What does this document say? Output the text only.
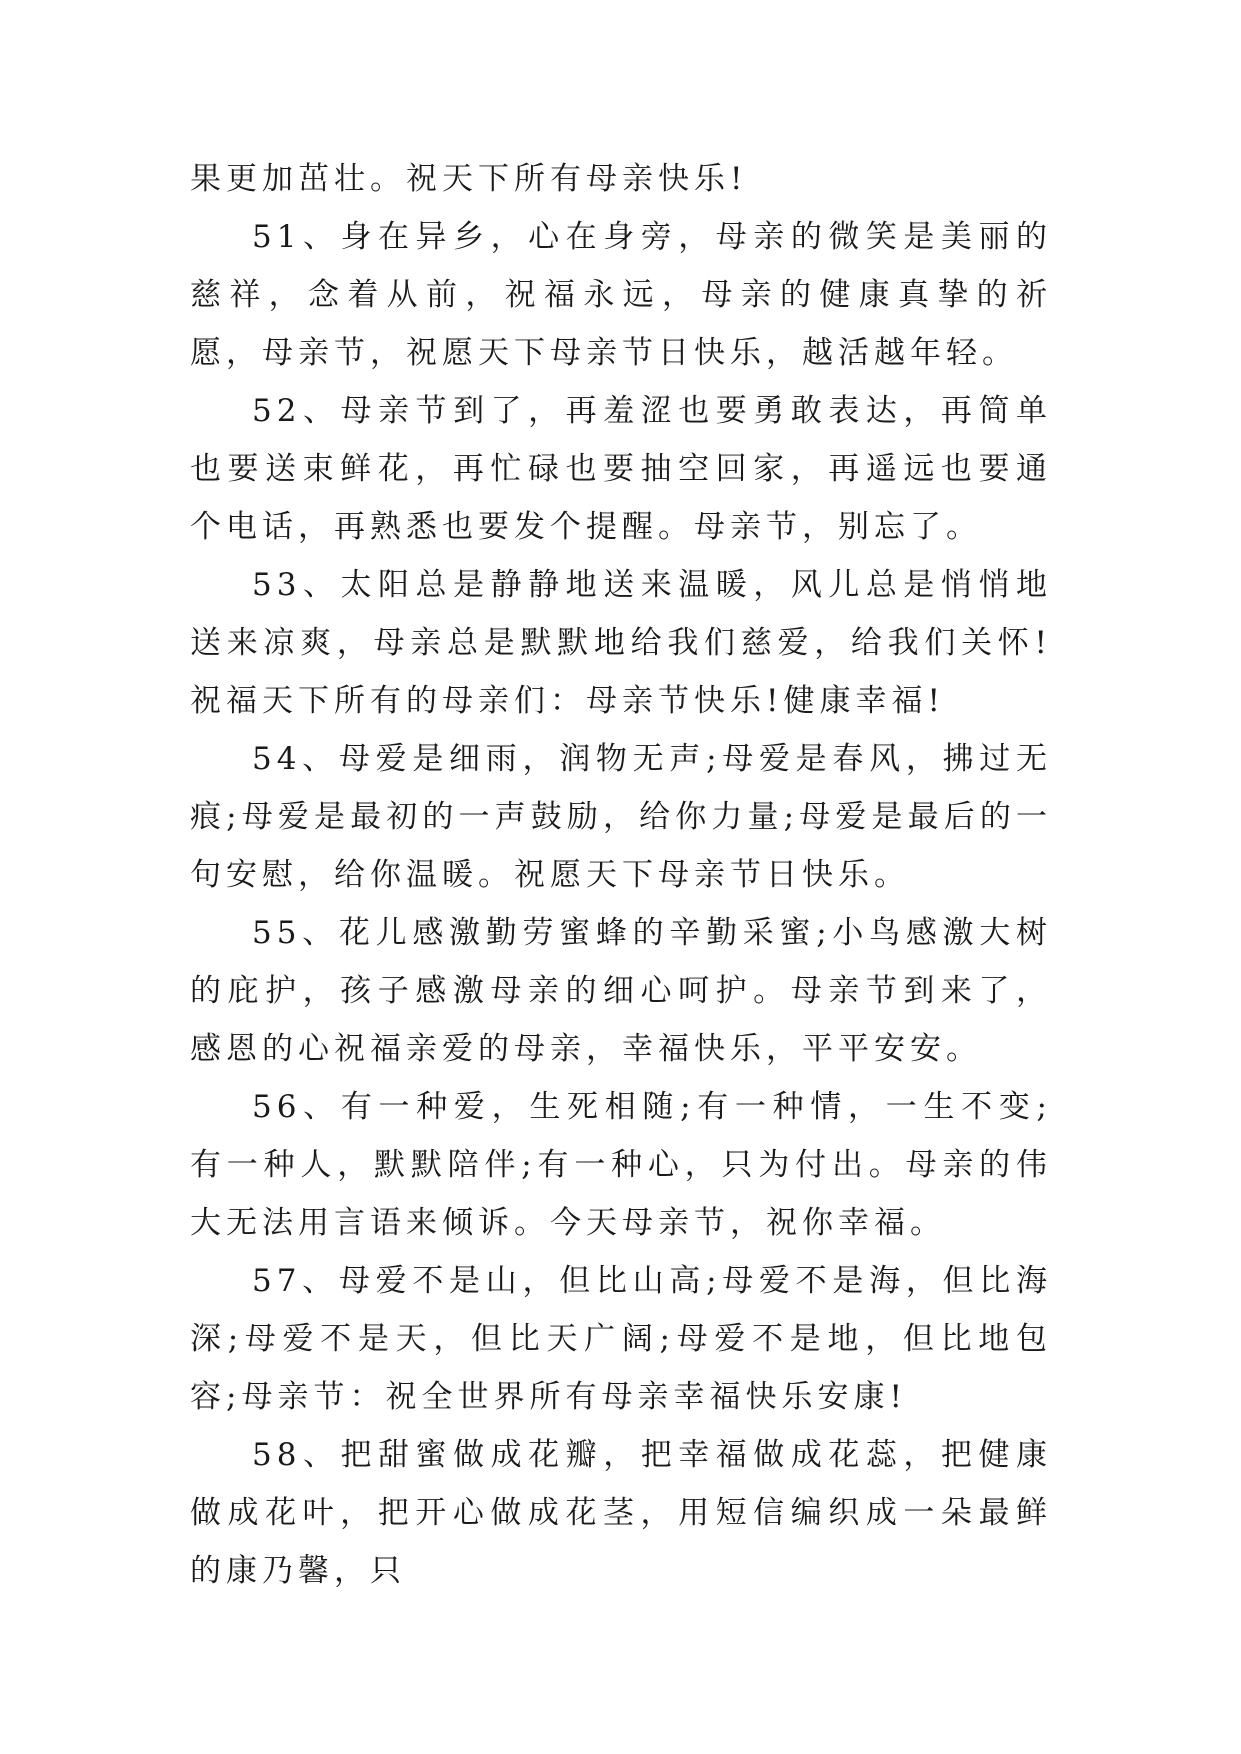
果更加茁壮。祝天下所有母亲快乐!

51、身在异乡，心在身旁，母亲的微笑是美丽的慈祥，念着从前，祝福永远，母亲的健康真挚的祈愿，母亲节，祝愿天下母亲节日快乐，越活越年轻。

52、母亲节到了，再羞涩也要勇敢表达，再简单也要送束鲜花，再忙碌也要抽空回家，再遥远也要通个电话，再熟悉也要发个提醒。母亲节，别忘了。

53、太阳总是静静地送来温暖，风儿总是悄悄地送来凉爽，母亲总是默默地给我们慈爱，给我们关怀!祝福天下所有的母亲们：母亲节快乐!健康幸福!

54、母爱是细雨，润物无声;母爱是春风，拂过无痕;母爱是最初的一声鼓励，给你力量;母爱是最后的一句安慰，给你温暖。祝愿天下母亲节日快乐。

55、花儿感激勤劳蜜蜂的辛勤采蜜;小鸟感激大树的庇护，孩子感激母亲的细心呵护。母亲节到来了，感恩的心祝福亲爱的母亲，幸福快乐，平平安安。

56、有一种爱，生死相随;有一种情，一生不变;有一种人，默默陪伴;有一种心，只为付出。母亲的伟大无法用言语来倾诉。今天母亲节，祝你幸福。

57、母爱不是山，但比山高;母爱不是海，但比海深;母爱不是天，但比天广阔;母爱不是地，但比地包容;母亲节：祝全世界所有母亲幸福快乐安康!

58、把甜蜜做成花瓣，把幸福做成花蕊，把健康做成花叶，把开心做成花茎，用短信编织成一朵最鲜的康乃馨，只
